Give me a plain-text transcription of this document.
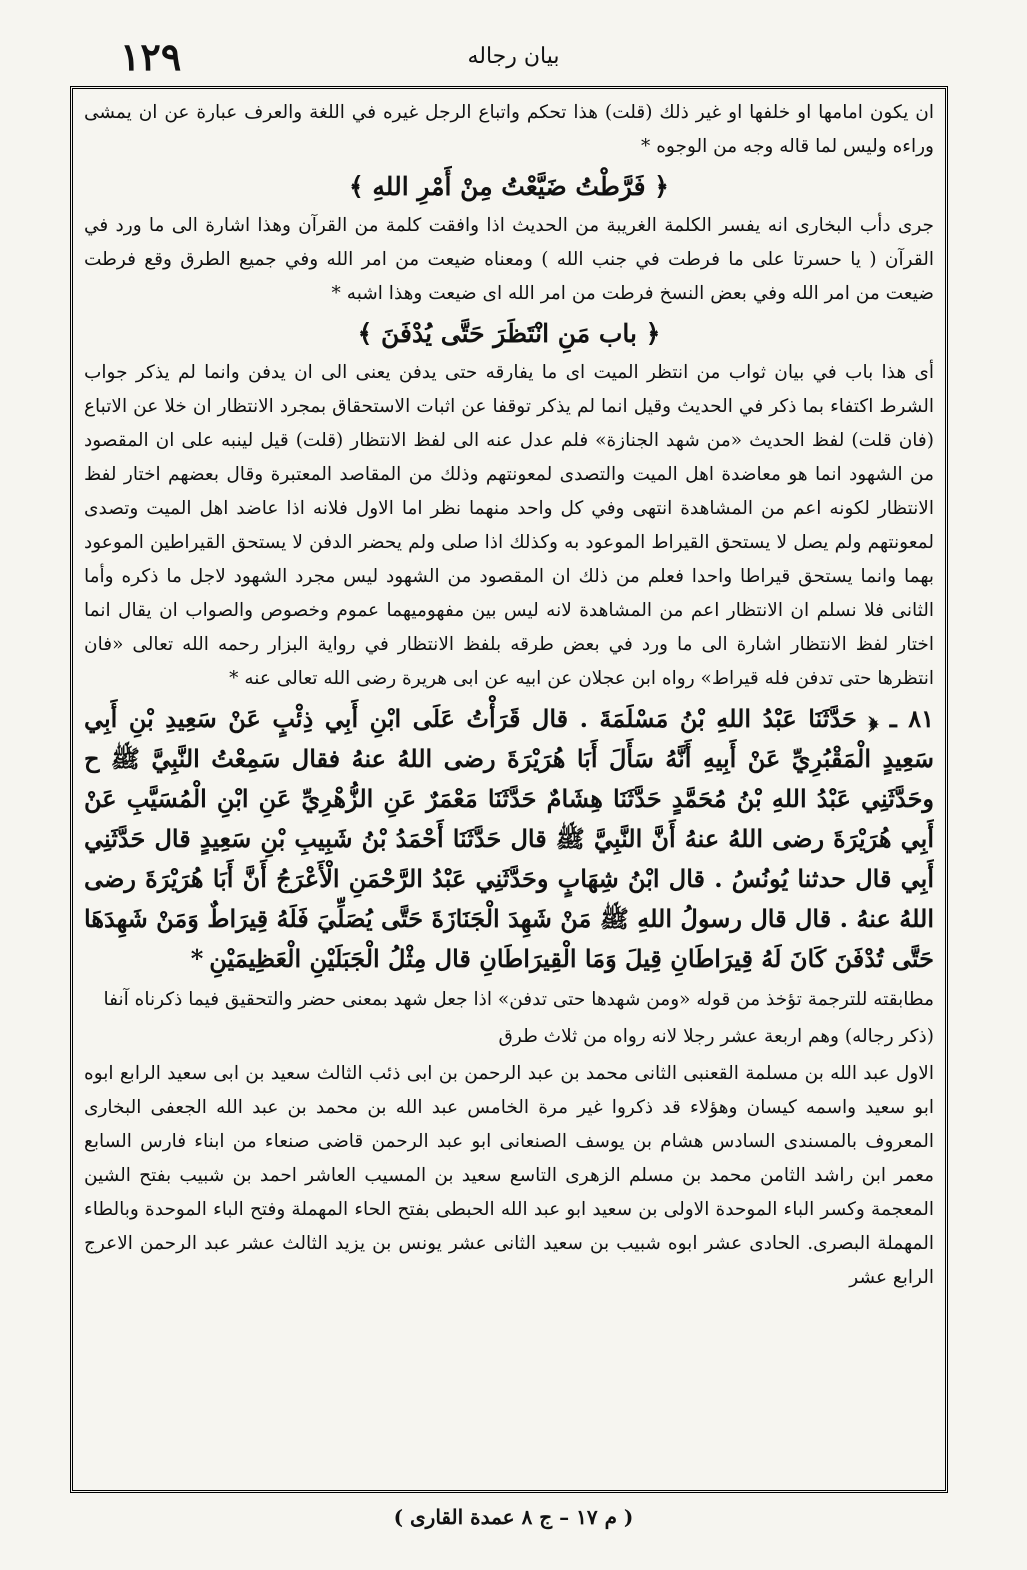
١٢٩	بيان رجاله

ان يكون امامها او خلفها او غير ذلك (قلت) هذا تحكم واتباع الرجل غيره في اللغة والعرف عبارة عن ان يمشى وراءه وليس لما قاله وجه من الوجوه*

﴿ فَرَّطْتُ ضَيَّعْتُ مِنْ أَمْرِ اللهِ ﴾

جرى دأب البخارى انه يفسر الكلمة الغريبة من الحديث اذا وافقت كلمة من القرآن وهذا اشارة الى ما ورد في القرآن ( يا حسرتا على ما فرطت في جنب الله ) ومعناه ضيعت من امر الله وفي جميع الطرق وقع فرطت ضيعت من امر الله وفي بعض النسخ فرطت من امر الله اى ضيعت وهذا اشبه*

﴿ باب مَنِ انْتَظَرَ حَتَّى يُدْفَنَ ﴾

أى هذا باب في بيان ثواب من انتظر الميت اى ما يفارقه حتى يدفن يعنى الى ان يدفن وانما لم يذكر جواب الشرط اكتفاء بما ذكر في الحديث وقيل انما لم يذكر توقفا عن اثبات الاستحقاق بمجرد الانتظار ان خلا عن الاتباع (فان قلت) لفظ الحديث «من شهد الجنازة» فلم عدل عنه الى لفظ الانتظار (قلت) قيل لينبه على ان المقصود من الشهود انما هو معاضدة اهل الميت والتصدى لمعونتهم وذلك من المقاصد المعتبرة وقال بعضهم اختار لفظ الانتظار لكونه اعم من المشاهدة انتهى وفي كل واحد منهما نظر اما الاول فلانه اذا عاضد اهل الميت وتصدى لمعونتهم ولم يصل لا يستحق القيراط الموعود به وكذلك اذا صلى ولم يحضر الدفن لا يستحق القيراطين الموعود بهما وانما يستحق قيراطا واحدا فعلم من ذلك ان المقصود من الشهود ليس مجرد الشهود لاجل ما ذكره وأما الثانى فلا نسلم ان الانتظار اعم من المشاهدة لانه ليس بين مفهوميهما عموم وخصوص والصواب ان يقال انما اختار لفظ الانتظار اشارة الى ما ورد في بعض طرقه بلفظ الانتظار في رواية البزار رحمه الله تعالى «فان انتظرها حتى تدفن فله قيراط» رواه ابن عجلان عن ابيه عن ابى هريرة رضى الله تعالى عنه*

٨١ ـ ﴿ حَدَّثَنَا عَبْدُ اللهِ بْنُ مَسْلَمَةَ . قال قَرَأْتُ عَلَى ابْنِ أَبِي ذِئْبٍ عَنْ سَعِيدِ بْنِ أَبِي سَعِيدٍ الْمَقْبُرِيِّ عَنْ أَبِيهِ أَنَّهُ سَأَلَ أَبَا هُرَيْرَةَ رضى اللهُ عنهُ فقال سَمِعْتُ النَّبِيَّ ﷺ ح وحَدَّثَنِي عَبْدُ اللهِ بْنُ مُحَمَّدٍ حَدَّثَنَا هِشَامٌ حَدَّثَنَا مَعْمَرٌ عَنِ الزُّهْرِيِّ عَنِ ابْنِ الْمُسَيَّبِ عَنْ أَبِي هُرَيْرَةَ رضى اللهُ عنهُ أَنَّ النَّبِيَّ ﷺ قال حَدَّثَنَا أَحْمَدُ بْنُ شَبِيبِ بْنِ سَعِيدٍ قال حَدَّثَنِي أَبِي قال حدثنا يُونُسُ . قال ابْنُ شِهَابٍ وحَدَّثَنِي عَبْدُ الرَّحْمَنِ الْأَعْرَجُ أَنَّ أَبَا هُرَيْرَةَ رضى اللهُ عنهُ . قال قال رسولُ اللهِ ﷺ مَنْ شَهِدَ الْجَنَازَةَ حَتَّى يُصَلِّيَ فَلَهُ قِيرَاطٌ وَمَنْ شَهِدَهَا حَتَّى تُدْفَنَ كَانَ لَهُ قِيرَاطَانِ قِيلَ وَمَا الْقِيرَاطَانِ قال مِثْلُ الْجَبَلَيْنِ الْعَظِيمَيْنِ*

مطابقته للترجمة تؤخذ من قوله «ومن شهدها حتى تدفن» اذا جعل شهد بمعنى حضر والتحقيق فيما ذكرناه آنفا

(ذكر رجاله) وهم اربعة عشر رجلا لانه رواه من ثلاث طرق

الاول عبد الله بن مسلمة القعنبى الثانى محمد بن عبد الرحمن بن ابى ذئب الثالث سعيد بن ابى سعيد الرابع ابوه ابو سعيد واسمه كيسان وهؤلاء قد ذكروا غير مرة الخامس عبد الله بن محمد بن عبد الله الجعفى البخارى المعروف بالمسندى السادس هشام بن يوسف الصنعانى ابو عبد الرحمن قاضى صنعاء من ابناء فارس السابع معمر ابن راشد الثامن محمد بن مسلم الزهرى التاسع سعيد بن المسيب العاشر احمد بن شبيب بفتح الشين المعجمة وكسر الباء الموحدة الاولى بن سعيد ابو عبد الله الحبطى بفتح الحاء المهملة وفتح الباء الموحدة وبالطاء المهملة البصرى. الحادى عشر ابوه شبيب بن سعيد الثانى عشر يونس بن يزيد الثالث عشر عبد الرحمن الاعرج الرابع عشر

( م ١٧ – ج ٨ عمدة القارى )
